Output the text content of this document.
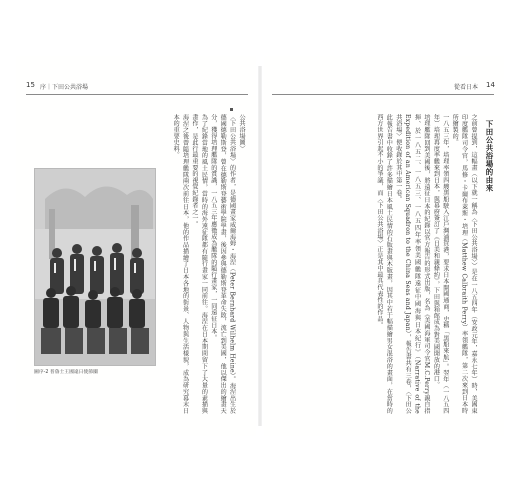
15 序｜下田公共浴場
圖序-2 普魯士王國遠日使節團
公共浴場圖〉
〈下田公共浴場〉的作者，是德國畫家威爾海姆・海涅（Peter Bernhard Wilhelm Heine）。海涅出生於德國德勒斯登，曾在德勒斯登藝術學院學畫，後因參與德勒斯登革命失敗，流亡到美國，他以傑出的繪畫天分，獲得培理艦隊的賞識，一八五三年應徵成為艦隊的隨行畫家，一同遠征日本。
為了紀錄當地的風土民情，當時的海外遠征隊都有隨行畫家一同前往。海涅在日本期間留下了大量的素描與畫作，是此行最重要的視覺紀錄者之一。
海涅之後曾隨培理艦隊兩次前往日本，他的作品描繪了日本各地的街景、人物與生活樣貌，成為研究幕末日本的重要史料。
從看日本 14
下田公共浴場的由來
之前曾提到，這幅畫（以下就一稱為〈下田公共浴場〉）是在一八五四年（安政元年，嘉永七年）時，美國東印度艦隊司令官，馬修・卡爾布萊斯・培理（Matthew Calbraith Perry）率領艦隊，第二次來到日本時所繪製的。
一八五三年，培理率領四艘黑船駛入江戶灣浦賀港，要求日本開國通商，史稱「黑船來航」。翌年（一八五四年）培理再度率艦來到日本，與幕府簽訂了《日美和親條約》，下田與箱館成為對美國開放的港口。
培理艦隊回到美國後，將遠征日本的紀錄以官方報告的形式出版，名為《美國海軍司令官M.C.Perry親自指揮、於一八五二、一八五三、一八五四年率領美國艦隊遠征中國海與日本紀行》（Narrative of the Expedition of an American Squadron to the China Seas and Japan），報告書共有三卷，〈下田公共浴場〉便收錄於其中第一卷。
此報告書中收錄了許多描繪日本風土民情的石版畫與木版畫，因其中若干幅描繪男女混浴的畫面，在當時的西方世界引起不小的爭議，而〈下田公共浴場〉正是其中最具代表性的作品。
